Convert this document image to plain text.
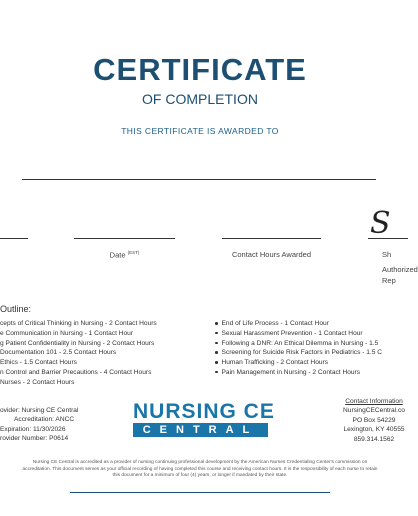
CERTIFICATE
OF COMPLETION
THIS CERTIFICATE IS AWARDED TO
S
Date $^{(EST)}$	Contact Hours Awarded	Sh
Authorized
Rep
Outline:
cepts of Critical Thinking in Nursing - 2 Contact Hours
e Communication in Nursing - 1 Contact Hour
g Patient Confidentiality in Nursing - 2 Contact Hours
Documentation 101 - 2.5 Contact Hours
Ethics - 1.5 Contact Hours
n Control and Barrier Precautions - 4 Contact Hours
Nurses - 2 Contact Hours
End of Life Process - 1 Contact Hour
Sexual Harassment Prevention - 1 Contact Hour
Following a DNR: An Ethical Dilemma in Nursing - 1.5
Screening for Suicide Risk Factors in Pediatrics - 1.5 C
Human Trafficking - 2 Contact Hours
Pain Management in Nursing - 2 Contact Hours
ovider: Nursing CE Central
Accreditation: ANCC
Expiration: 11/30/2026
rovider Number: P0614
NURSING CE
CENTRAL
Contact Information
NursingCECentral.co
PO Box 54229
Lexington, KY 40555
859.314.1562
Nursing CE Central is accredited as a provider of nursing continuing professional development by the American Nurses Credentialing Center's commission on accreditation. This document serves as your official recording of having completed this course and receiving contact hours. It is the responsibility of each nurse to retain this document for a minimum of four (4) years, or longer if mandated by their state.
